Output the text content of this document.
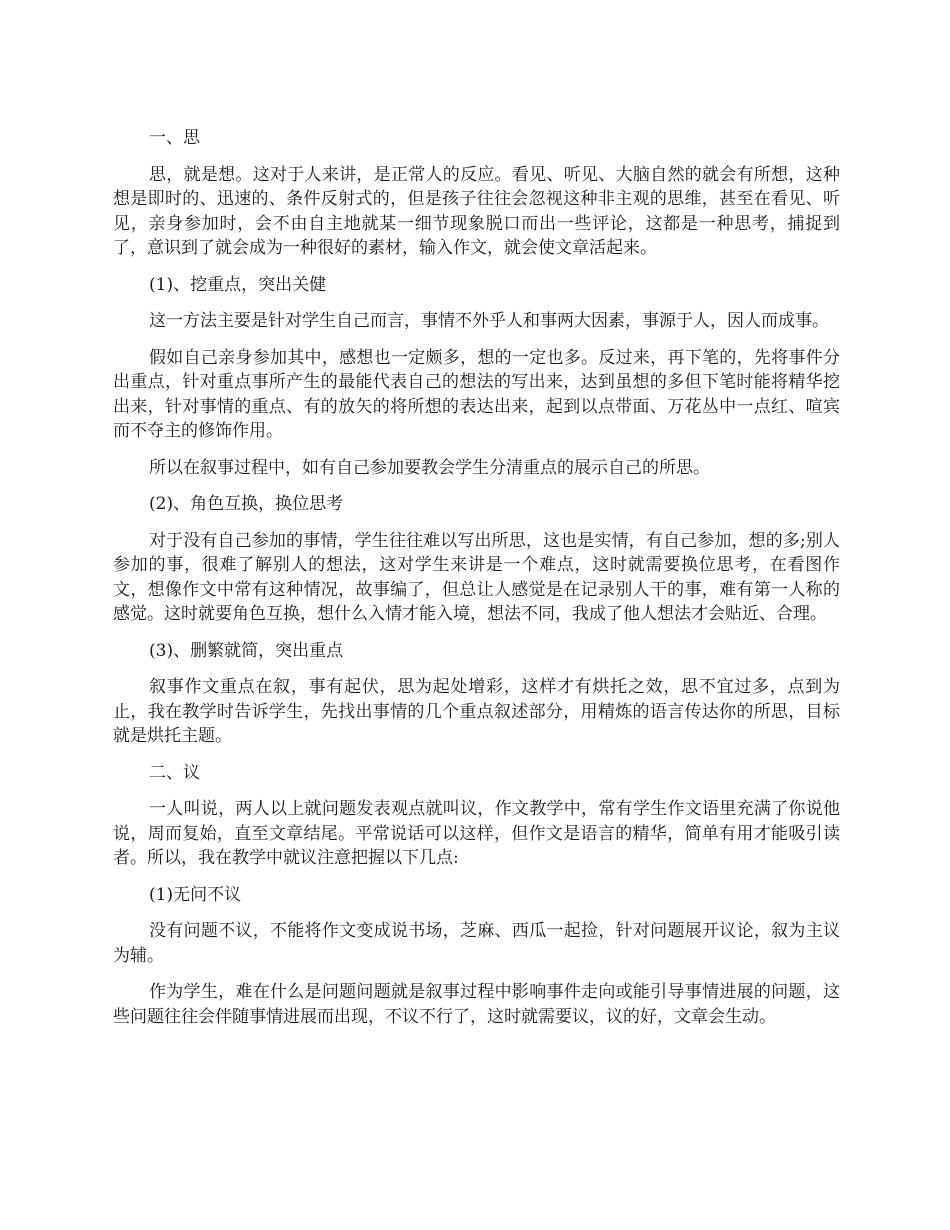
一、思

思，就是想。这对于人来讲，是正常人的反应。看见、听见、大脑自然的就会有所想，这种想是即时的、迅速的、条件反射式的，但是孩子往往会忽视这种非主观的思维，甚至在看见、听见，亲身参加时，会不由自主地就某一细节现象脱口而出一些评论，这都是一种思考，捕捉到了，意识到了就会成为一种很好的素材，输入作文，就会使文章活起来。

(1)、挖重点，突出关健

这一方法主要是针对学生自己而言，事情不外乎人和事两大因素，事源于人，因人而成事。

假如自己亲身参加其中，感想也一定颇多，想的一定也多。反过来，再下笔的，先将事件分出重点，针对重点事所产生的最能代表自己的想法的写出来，达到虽想的多但下笔时能将精华挖出来，针对事情的重点、有的放矢的将所想的表达出来，起到以点带面、万花丛中一点红、喧宾而不夺主的修饰作用。

所以在叙事过程中，如有自己参加要教会学生分清重点的展示自己的所思。

(2)、角色互换，换位思考

对于没有自己参加的事情，学生往往难以写出所思，这也是实情，有自己参加，想的多;别人参加的事，很难了解别人的想法，这对学生来讲是一个难点，这时就需要换位思考，在看图作文，想像作文中常有这种情况，故事编了，但总让人感觉是在记录别人干的事，难有第一人称的感觉。这时就要角色互换，想什么入情才能入境，想法不同，我成了他人想法才会贴近、合理。

(3)、删繁就简，突出重点

叙事作文重点在叙，事有起伏，思为起处增彩，这样才有烘托之效，思不宜过多，点到为止，我在教学时告诉学生，先找出事情的几个重点叙述部分，用精炼的语言传达你的所思，目标就是烘托主题。

二、议

一人叫说，两人以上就问题发表观点就叫议，作文教学中，常有学生作文语里充满了你说他说，周而复始，直至文章结尾。平常说话可以这样，但作文是语言的精华，简单有用才能吸引读者。所以，我在教学中就议注意把握以下几点:

(1)无问不议

没有问题不议，不能将作文变成说书场，芝麻、西瓜一起捡，针对问题展开议论，叙为主议为辅。

作为学生，难在什么是问题问题就是叙事过程中影响事件走向或能引导事情进展的问题，这些问题往往会伴随事情进展而出现，不议不行了，这时就需要议，议的好，文章会生动。
